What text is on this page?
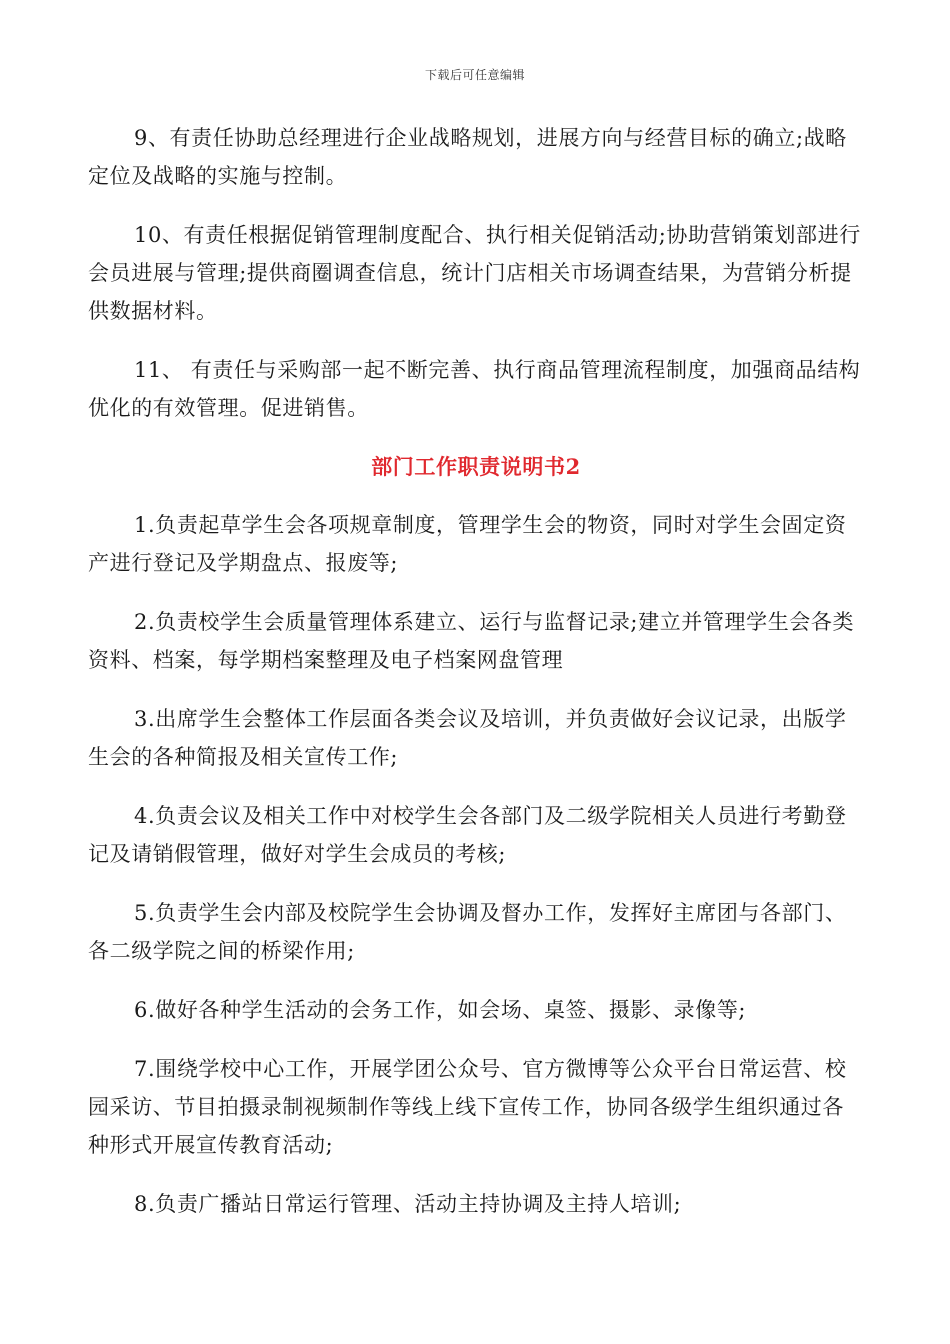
下载后可任意编辑

9、有责任协助总经理进行企业战略规划，进展方向与经营目标的确立;战略定位及战略的实施与控制。

10、有责任根据促销管理制度配合、执行相关促销活动;协助营销策划部进行会员进展与管理;提供商圈调查信息，统计门店相关市场调查结果，为营销分析提供数据材料。

11、 有责任与采购部一起不断完善、执行商品管理流程制度，加强商品结构优化的有效管理。促进销售。

部门工作职责说明书2

1.负责起草学生会各项规章制度，管理学生会的物资，同时对学生会固定资产进行登记及学期盘点、报废等;

2.负责校学生会质量管理体系建立、运行与监督记录;建立并管理学生会各类资料、档案，每学期档案整理及电子档案网盘管理

3.出席学生会整体工作层面各类会议及培训，并负责做好会议记录，出版学生会的各种简报及相关宣传工作;

4.负责会议及相关工作中对校学生会各部门及二级学院相关人员进行考勤登记及请销假管理，做好对学生会成员的考核;

5.负责学生会内部及校院学生会协调及督办工作，发挥好主席团与各部门、各二级学院之间的桥梁作用;

6.做好各种学生活动的会务工作，如会场、桌签、摄影、录像等;

7.围绕学校中心工作，开展学团公众号、官方微博等公众平台日常运营、校园采访、节目拍摄录制视频制作等线上线下宣传工作，协同各级学生组织通过各种形式开展宣传教育活动;

8.负责广播站日常运行管理、活动主持协调及主持人培训;
